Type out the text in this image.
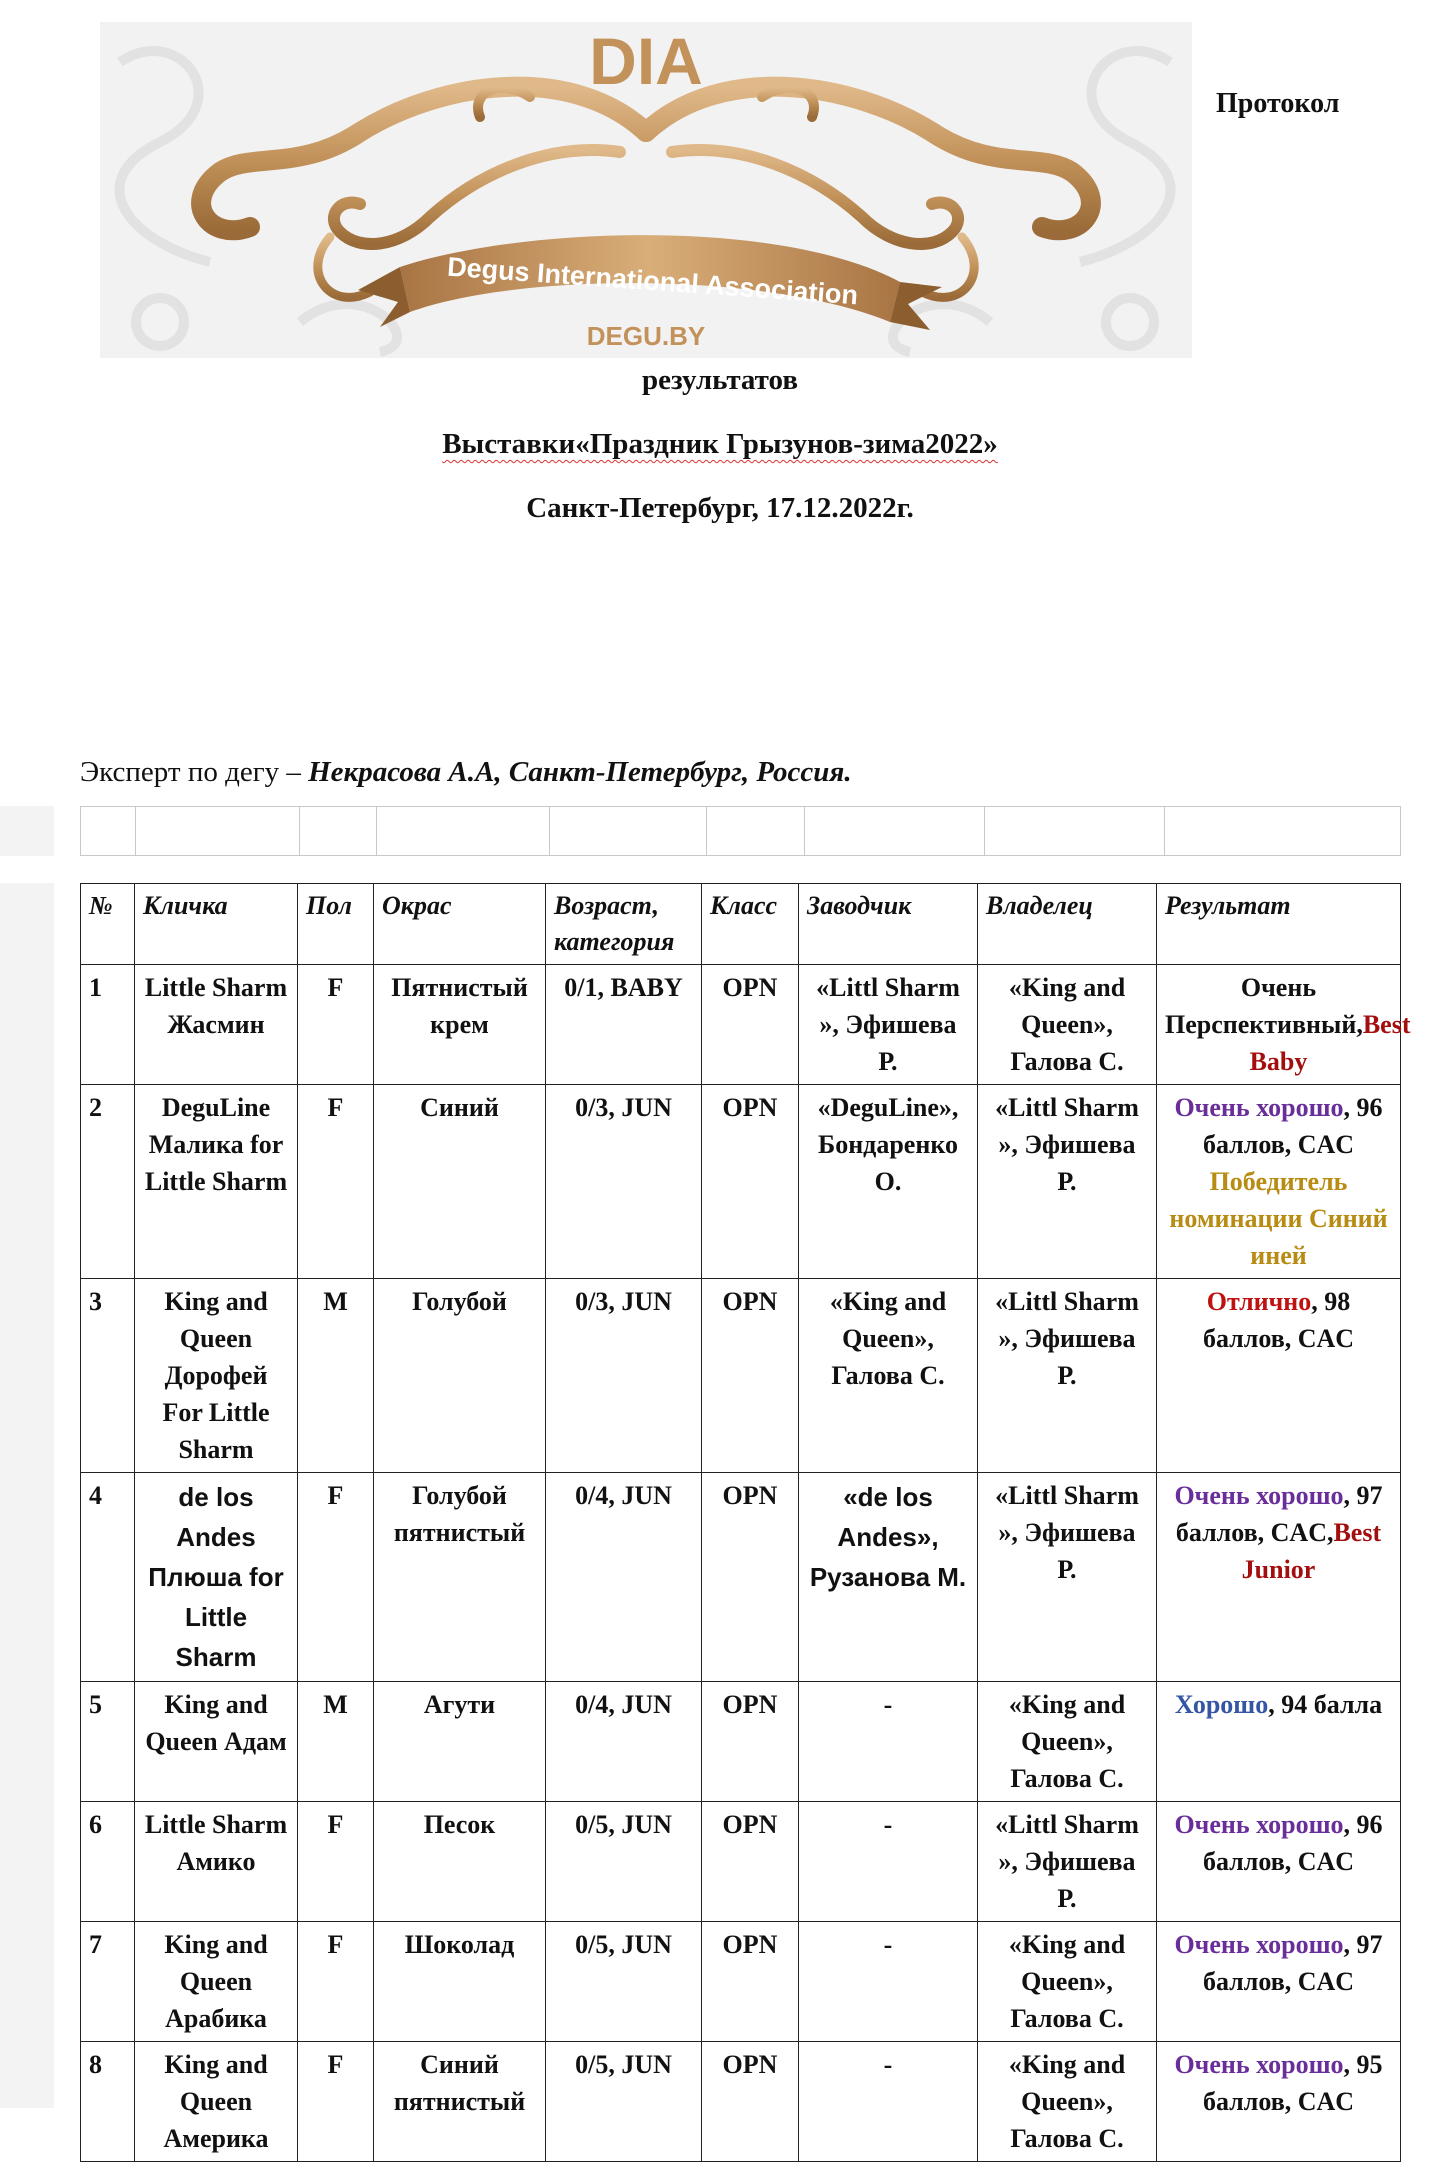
DIA
Degus International Association
DEGU.BY
Протокол
результатов
Выставки«Праздник Грызунов-зима2022»
Санкт-Петербург, 17.12.2022г.
Эксперт по дегу – Некрасова А.А, Санкт-Петербург, Россия.

№	Кличка	Пол	Окрас	Возраст, категория	Класс	Заводчик	Владелец	Результат
1	Little Sharm Жасмин	F	Пятнистый крем	0/1, BABY	OPN	«Littl Sharm », Эфишева Р.	«King and Queen», Галова С.	Очень Перспективный,Best Baby
2	DeguLine Малика for Little Sharm	F	Синий	0/3, JUN	OPN	«DeguLine», Бондаренко О.	«Littl Sharm », Эфишева Р.	Очень хорошо, 96 баллов, CAC
Победитель номинации Синий иней

3	King and Queen Дорофей For Little Sharm	M	Голубой	0/3, JUN	OPN	«King and Queen», Галова С.	«Littl Sharm », Эфишева Р.	Отлично, 98 баллов, CAC
4	de los Andes Плюша for Little Sharm	F	Голубой пятнистый	0/4, JUN	OPN	«de los Andes», Рузанова М.	«Littl Sharm », Эфишева Р.	Очень хорошо, 97 баллов, CAC,Best Junior
5	King and Queen Адам	M	Агути	0/4, JUN	OPN	-	«King and Queen», Галова С.	Хорошо, 94 балла
6	Little Sharm Амико	F	Песок	0/5, JUN	OPN	-	«Littl Sharm », Эфишева Р.	Очень хорошо, 96 баллов, CAC
7	King and Queen Арабика	F	Шоколад	0/5, JUN	OPN	-	«King and Queen», Галова С.	Очень хорошо, 97 баллов, CAC
8	King and Queen Америка	F	Синий пятнистый	0/5, JUN	OPN	-	«King and Queen», Галова С.	Очень хорошо, 95 баллов, CAC
